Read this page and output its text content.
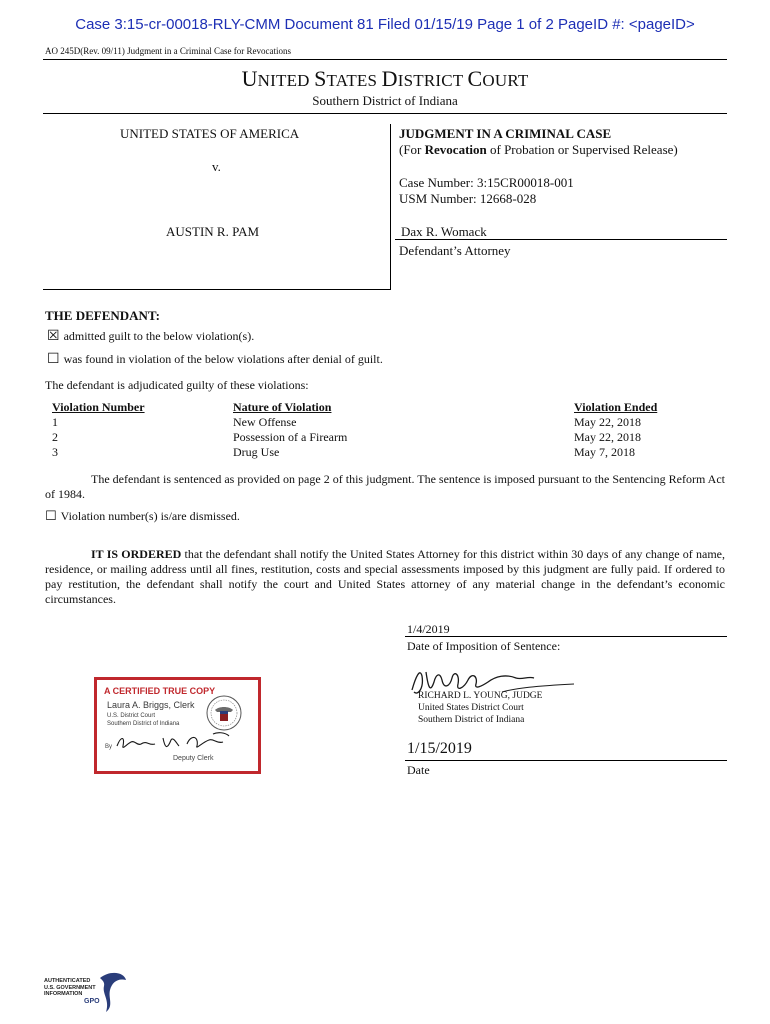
Case 3:15-cr-00018-RLY-CMM Document 81 Filed 01/15/19 Page 1 of 2 PageID #: <pageID>
AO 245D(Rev. 09/11) Judgment in a Criminal Case for Revocations
UNITED STATES DISTRICT COURT
Southern District of Indiana
UNITED STATES OF AMERICA
v.
AUSTIN R. PAM
JUDGMENT IN A CRIMINAL CASE
(For Revocation of Probation or Supervised Release)
Case Number: 3:15CR00018-001
USM Number: 12668-028
Dax R. Womack
Defendant’s Attorney
THE DEFENDANT:
☒ admitted guilt to the below violation(s).
☐ was found in violation of the below violations after denial of guilt.
The defendant is adjudicated guilty of these violations:
Violation Number	Nature of Violation	Violation Ended
1	New Offense	May 22, 2018
2	Possession of a Firearm	May 22, 2018
3	Drug Use	May 7, 2018
The defendant is sentenced as provided on page 2 of this judgment. The sentence is imposed pursuant to the Sentencing Reform Act of 1984.
☐ Violation number(s) is/are dismissed.
IT IS ORDERED that the defendant shall notify the United States Attorney for this district within 30 days of any change of name, residence, or mailing address until all fines, restitution, costs and special assessments imposed by this judgment are fully paid. If ordered to pay restitution, the defendant shall notify the court and United States attorney of any material change in the defendant’s economic circumstances.
1/4/2019
Date of Imposition of Sentence:
RICHARD L. YOUNG, JUDGE
United States District Court
Southern District of Indiana
1/15/2019
Date
A CERTIFIED TRUE COPY
Laura A. Briggs, Clerk
U.S. District Court
Southern District of Indiana
By
Deputy Clerk
AUTHENTICATED
U.S. GOVERNMENT
INFORMATION
GPO
